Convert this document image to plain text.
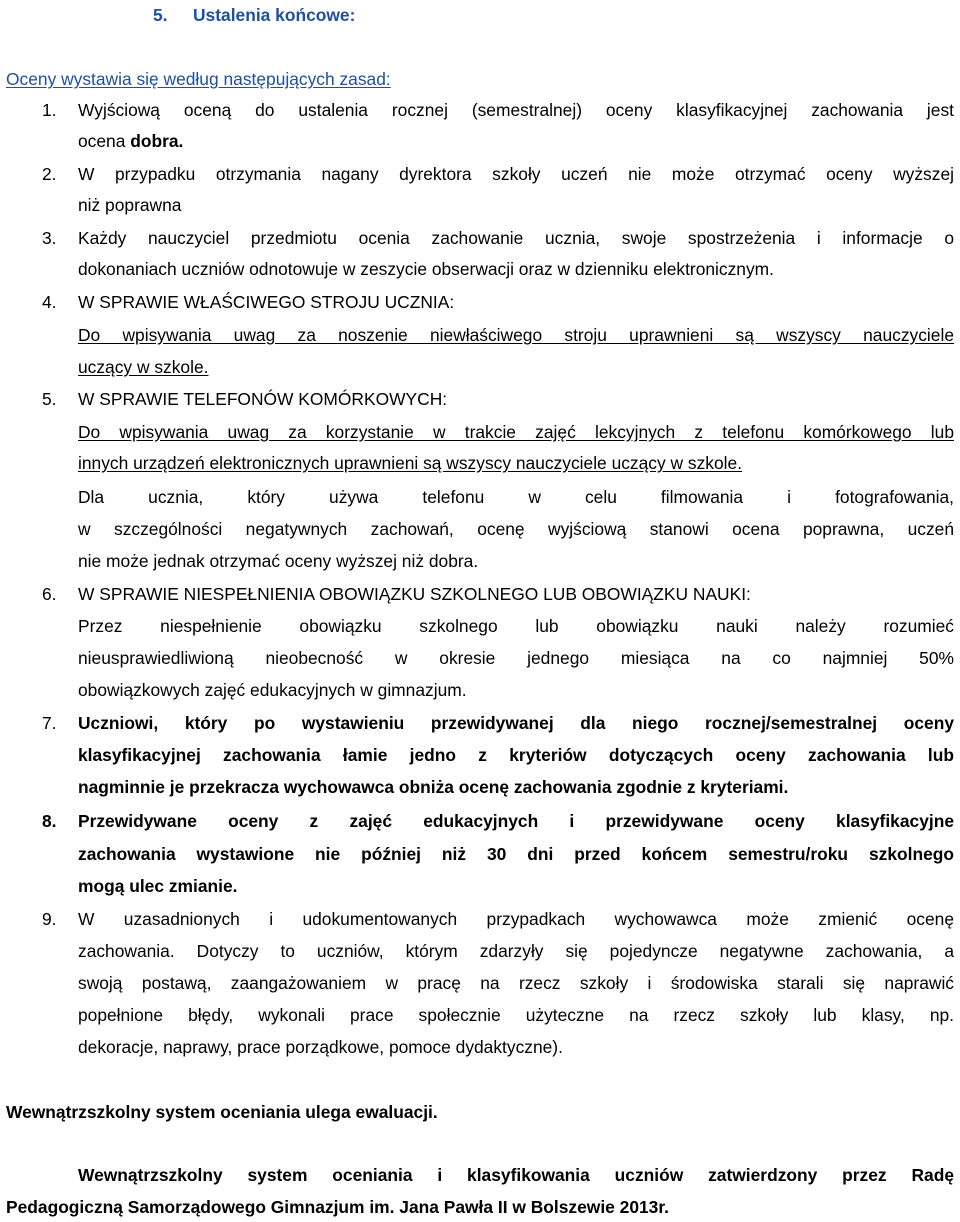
5. Ustalenia końcowe:
Oceny wystawia się według następujących zasad:
1. Wyjściową oceną do ustalenia rocznej (semestralnej) oceny klasyfikacyjnej zachowania jest
ocena dobra.
2. W przypadku otrzymania nagany dyrektora szkoły uczeń nie może otrzymać oceny wyższej
niż poprawna
3. Każdy nauczyciel przedmiotu ocenia zachowanie ucznia, swoje spostrzeżenia i informacje o
dokonaniach uczniów odnotowuje w zeszycie obserwacji oraz w dzienniku elektronicznym.
4. W SPRAWIE WŁAŚCIWEGO STROJU UCZNIA:
Do wpisywania uwag za noszenie niewłaściwego stroju uprawnieni są wszyscy nauczyciele
uczący w szkole.
5. W SPRAWIE TELEFONÓW KOMÓRKOWYCH:
Do wpisywania uwag za korzystanie w trakcie zajęć lekcyjnych z telefonu komórkowego lub
innych urządzeń elektronicznych uprawnieni są wszyscy nauczyciele uczący w szkole.
Dla ucznia, który używa telefonu w celu filmowania i fotografowania,
w szczególności negatywnych zachowań, ocenę wyjściową stanowi ocena poprawna, uczeń
nie może jednak otrzymać oceny wyższej niż dobra.
6. W SPRAWIE NIESPEŁNIENIA OBOWIĄZKU SZKOLNEGO LUB OBOWIĄZKU NAUKI:
Przez niespełnienie obowiązku szkolnego lub obowiązku nauki należy rozumieć
nieusprawiedliwioną nieobecność w okresie jednego miesiąca na co najmniej 50%
obowiązkowych zajęć edukacyjnych w gimnazjum.
7. Uczniowi, który po wystawieniu przewidywanej dla niego rocznej/semestralnej oceny
klasyfikacyjnej zachowania łamie jedno z kryteriów dotyczących oceny zachowania lub
nagminnie je przekracza wychowawca obniża ocenę zachowania zgodnie z kryteriami.
8. Przewidywane oceny z zajęć edukacyjnych i przewidywane oceny klasyfikacyjne
zachowania wystawione nie później niż 30 dni przed końcem semestru/roku szkolnego
mogą ulec zmianie.
9. W uzasadnionych i udokumentowanych przypadkach wychowawca może zmienić ocenę
zachowania. Dotyczy to uczniów, którym zdarzyły się pojedyncze negatywne zachowania, a
swoją postawą, zaangażowaniem w pracę na rzecz szkoły i środowiska starali się naprawić
popełnione błędy, wykonali prace społecznie użyteczne na rzecz szkoły lub klasy, np.
dekoracje, naprawy, prace porządkowe, pomoce dydaktyczne).
Wewnątrzszkolny system oceniania ulega ewaluacji.
Wewnątrzszkolny system oceniania i klasyfikowania uczniów zatwierdzony przez Radę
Pedagogiczną Samorządowego Gimnazjum im. Jana Pawła II w Bolszewie 2013r.
